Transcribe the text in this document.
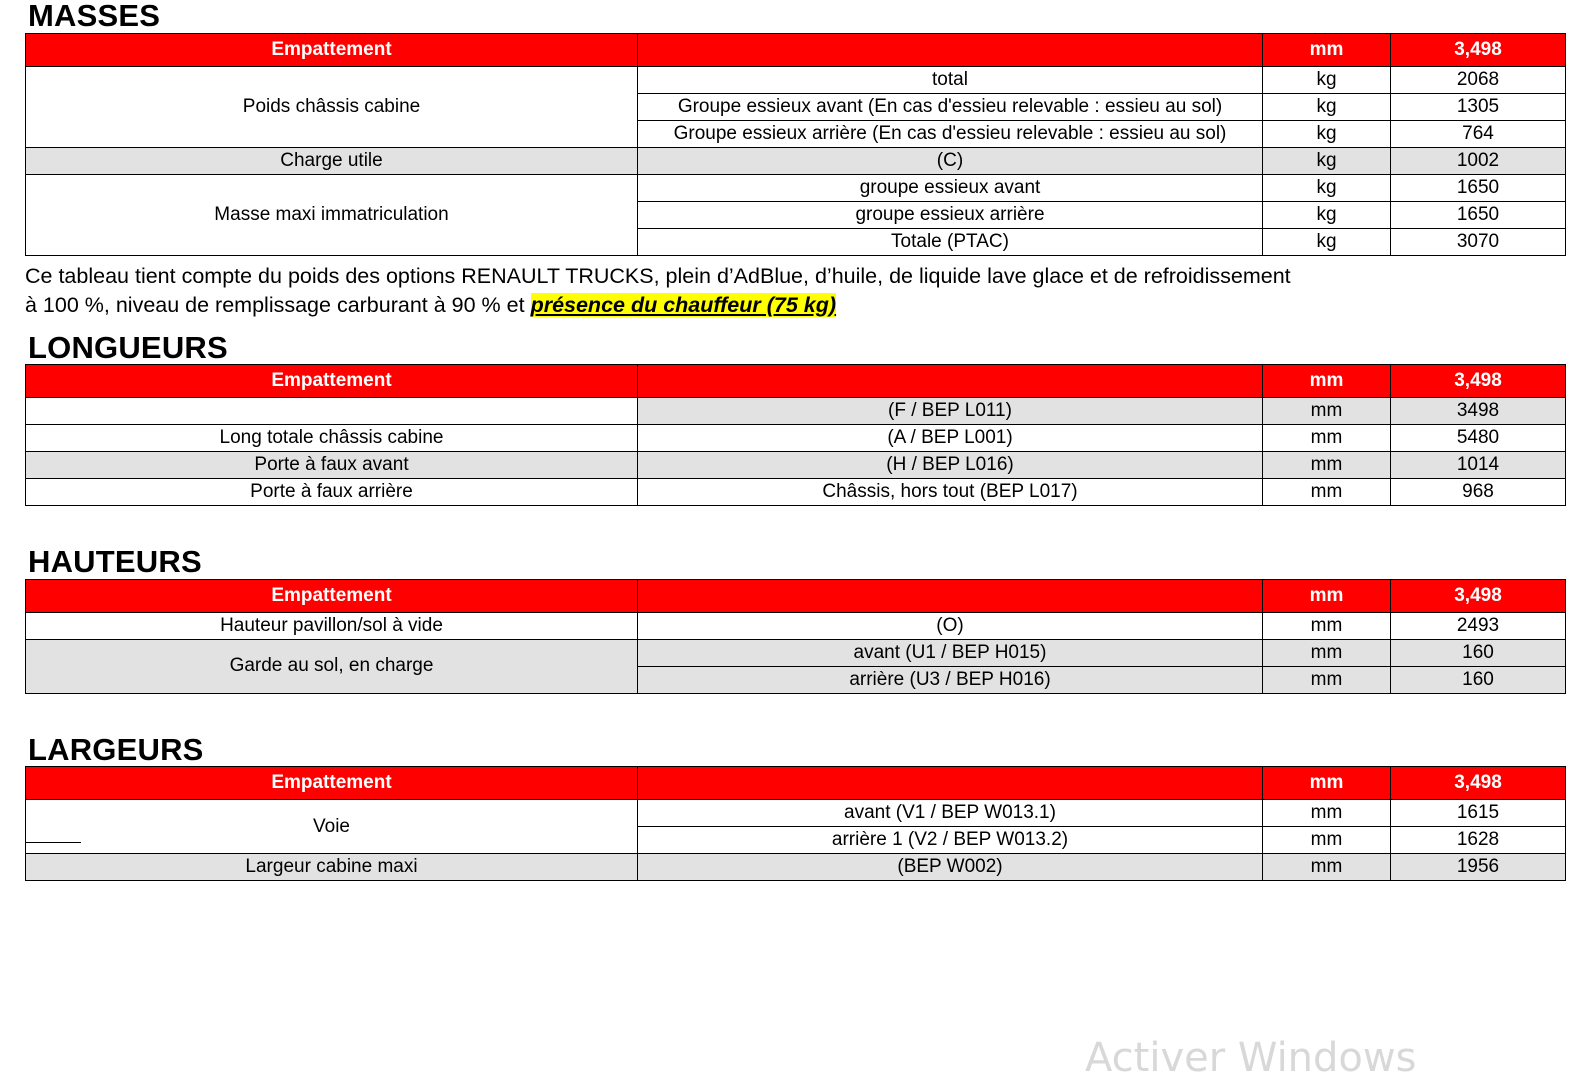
MASSES
Empattement		mm	3,498
Poids châssis cabine	total	kg	2068
	Groupe essieux avant (En cas d'essieu relevable : essieu au sol)	kg	1305
	Groupe essieux arrière (En cas d'essieu relevable : essieu au sol)	kg	764
Charge utile	(C)	kg	1002
Masse maxi immatriculation	groupe essieux avant	kg	1650
	groupe essieux arrière	kg	1650
	Totale (PTAC)	kg	3070

Ce tableau tient compte du poids des options RENAULT TRUCKS, plein d’AdBlue, d’huile, de liquide lave glace et de refroidissement
à 100 %, niveau de remplissage carburant à 90 % et présence du chauffeur (75 kg)

LONGUEURS
Empattement		mm	3,498
	(F / BEP L011)	mm	3498
Long totale châssis cabine	(A / BEP L001)	mm	5480
Porte à faux avant	(H / BEP L016)	mm	1014
Porte à faux arrière	Châssis, hors tout (BEP L017)	mm	968
HAUTEURS
Empattement		mm	3,498
Hauteur pavillon/sol à vide	(O)	mm	2493
Garde au sol, en charge	avant (U1 / BEP H015)	mm	160
	arrière (U3 / BEP H016)	mm	160
LARGEURS
Empattement		mm	3,498
Voie	avant (V1 / BEP W013.1)	mm	1615
	arrière 1 (V2 / BEP W013.2)	mm	1628
Largeur cabine maxi	(BEP W002)	mm	1956
Activer Windows
